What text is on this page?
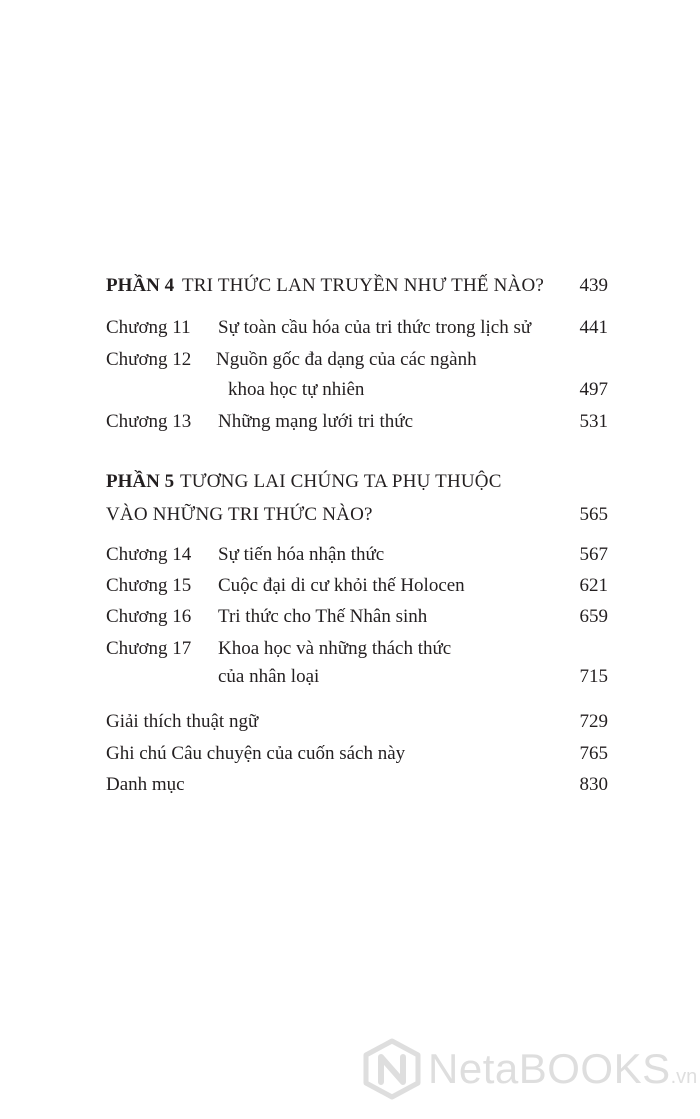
PHẦN 4 TRI THỨC LAN TRUYỀN NHƯ THẾ NÀO? 439
Chương 11 Sự toàn cầu hóa của tri thức trong lịch sử	441
Chương 12 Nguồn gốc đa dạng của các ngành
khoa học tự nhiên	497
Chương 13 Những mạng lưới tri thức	531
PHẦN 5 TƯƠNG LAI CHÚNG TA PHỤ THUỘC
VÀO NHỮNG TRI THỨC NÀO?	565
Chương 14 Sự tiến hóa nhận thức	567
Chương 15 Cuộc đại di cư khỏi thế Holocen	621
Chương 16 Tri thức cho Thế Nhân sinh	659
Chương 17 Khoa học và những thách thức
của nhân loại	715
Giải thích thuật ngữ	729
Ghi chú Câu chuyện của cuốn sách này	765
Danh mục	830
NetaBOOKS.vn
